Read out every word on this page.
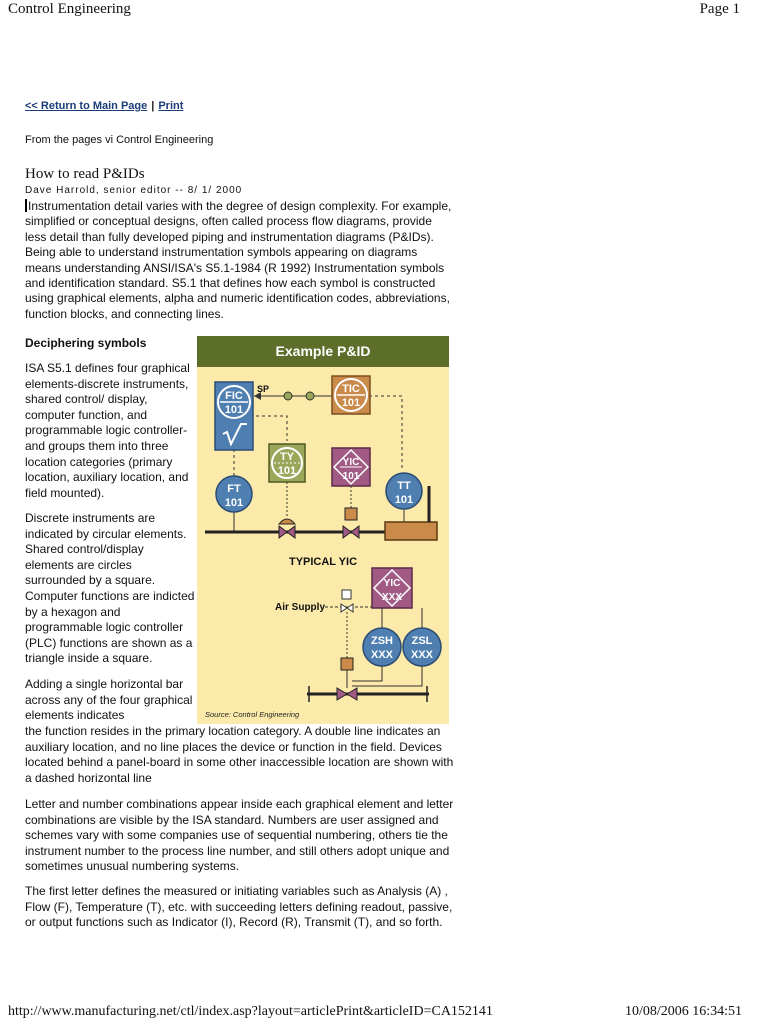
Control Engineering	Page 1
<< Return to Main Page | Print
From the pages vi Control Engineering
How to read P&IDs
Dave Harrold, senior editor -- 8/ 1/ 2000
Instrumentation detail varies with the degree of design complexity. For example, simplified or conceptual designs, often called process flow diagrams, provide less detail than fully developed piping and instrumentation diagrams (P&IDs). Being able to understand instrumentation symbols appearing on diagrams means understanding ANSI/ISA's S5.1-1984 (R 1992) Instrumentation symbols and identification standard. S5.1 that defines how each symbol is constructed using graphical elements, alpha and numeric identification codes, abbreviations, function blocks, and connecting lines.
Deciphering symbols
ISA S5.1 defines four graphical elements-discrete instruments, shared control/ display, computer function, and programmable logic controller-and groups them into three location categories (primary location, auxiliary location, and field mounted).
Discrete instruments are indicated by circular elements. Shared control/display elements are circles surrounded by a square. Computer functions are indicted by a hexagon and programmable logic controller (PLC) functions are shown as a triangle inside a square.
Adding a single horizontal bar across any of the four graphical elements indicates
the function resides in the primary location category. A double line indicates an auxiliary location, and no line places the device or function in the field. Devices located behind a panel-board in some other inaccessible location are shown with a dashed horizontal line
Letter and number combinations appear inside each graphical element and letter combinations are visible by the ISA standard. Numbers are user assigned and schemes vary with some companies use of sequential numbering, others tie the instrument number to the process line number, and still others adopt unique and sometimes unusual numbering systems.
The first letter defines the measured or initiating variables such as Analysis (A) , Flow (F), Temperature (T), etc. with succeeding letters defining readout, passive, or output functions such as Indicator (I), Record (R), Transmit (T), and so forth.
Example P&ID
FIC
101
SP	TIC
101
TY
101
YIC
101
FT
101
TT
101
TYPICAL YIC
YIC
XXX
Air Supply
ZSH
XXX
ZSL
XXX
Source: Control Engineering
http://www.manufacturing.net/ctl/index.asp?layout=articlePrint&articleID=CA152141	10/08/2006 16:34:51
